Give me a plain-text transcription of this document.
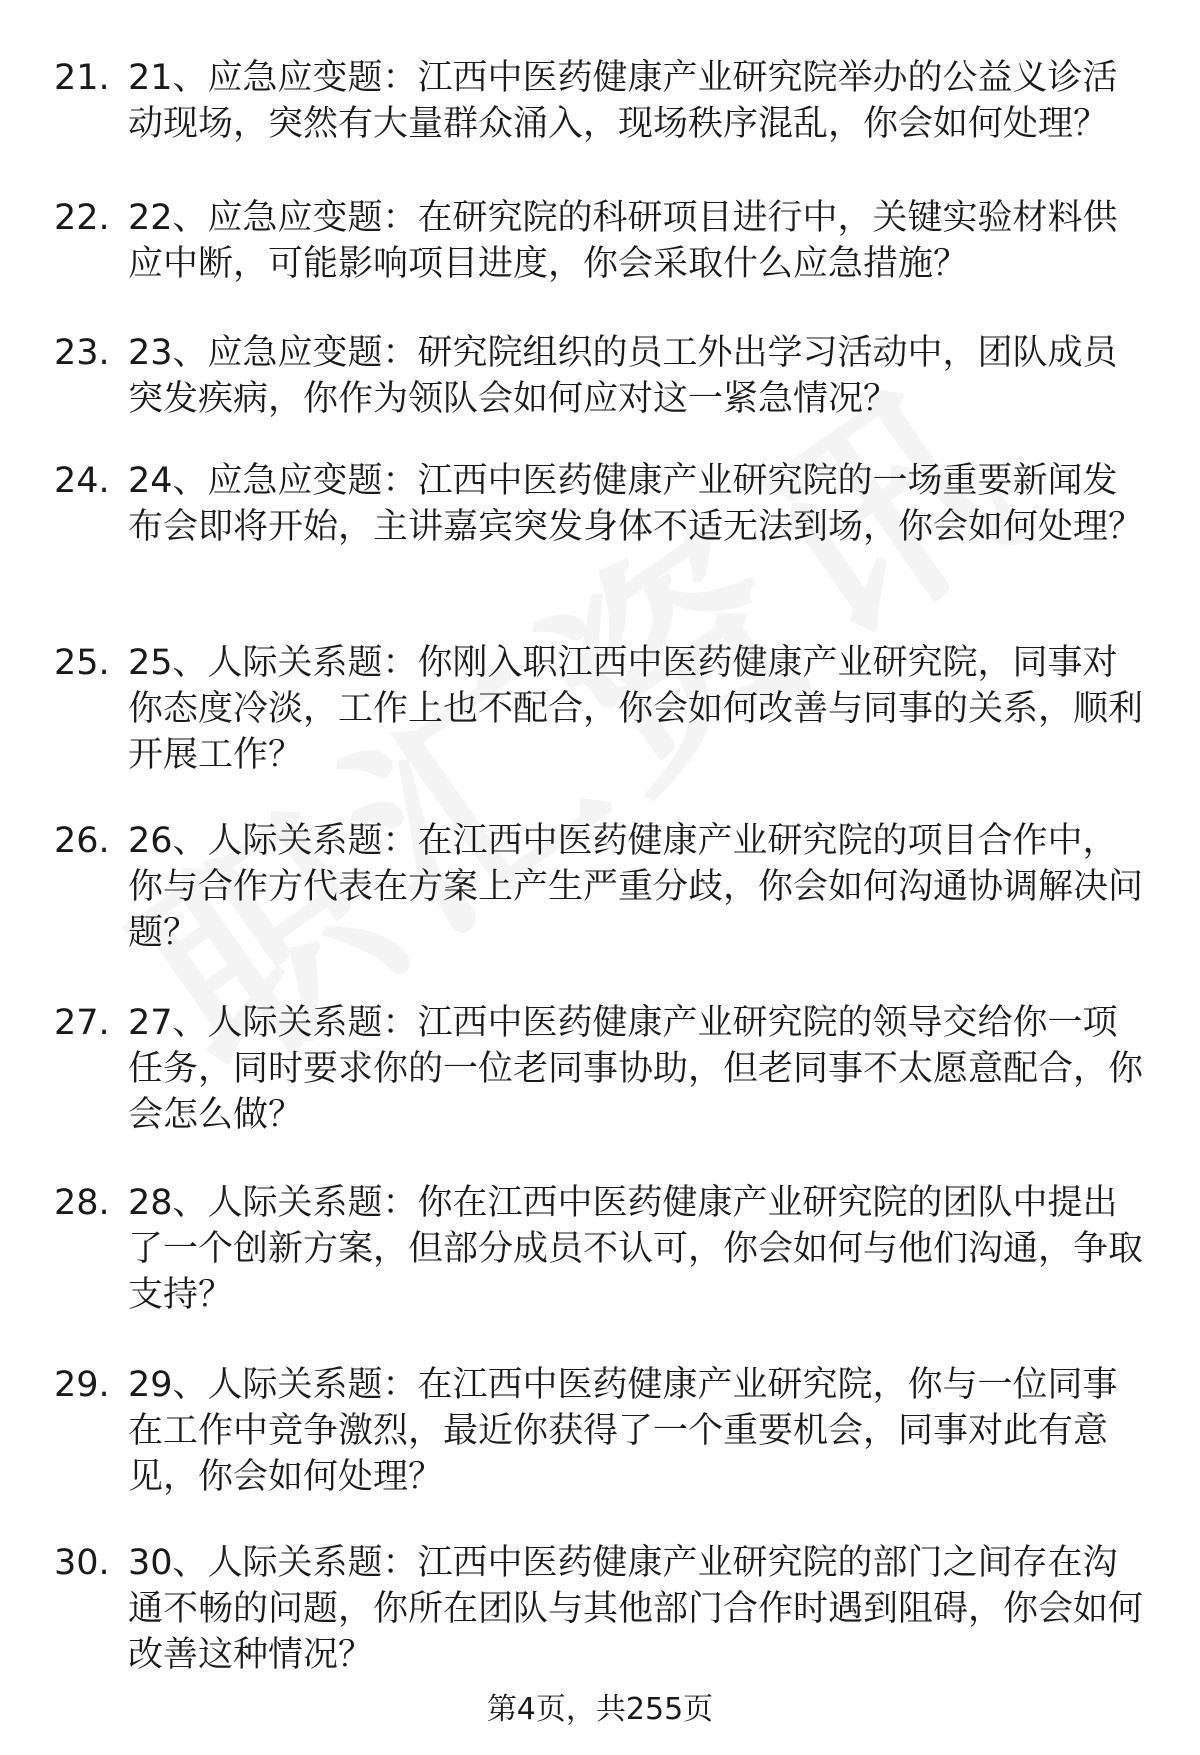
21. 21、应急应变题：江西中医药健康产业研究院举办的公益义诊活动现场，突然有大量群众涌入，现场秩序混乱，你会如何处理？
22. 22、应急应变题：在研究院的科研项目进行中，关键实验材料供应中断，可能影响项目进度，你会采取什么应急措施？
23. 23、应急应变题：研究院组织的员工外出学习活动中，团队成员突发疾病，你作为领队会如何应对这一紧急情况？
24. 24、应急应变题：江西中医药健康产业研究院的一场重要新闻发布会即将开始，主讲嘉宾突发身体不适无法到场，你会如何处理？
25. 25、人际关系题：你刚入职江西中医药健康产业研究院，同事对你态度冷淡，工作上也不配合，你会如何改善与同事的关系，顺利开展工作？
26. 26、人际关系题：在江西中医药健康产业研究院的项目合作中，你与合作方代表在方案上产生严重分歧，你会如何沟通协调解决问题？
27. 27、人际关系题：江西中医药健康产业研究院的领导交给你一项任务，同时要求你的一位老同事协助，但老同事不太愿意配合，你会怎么做？
28. 28、人际关系题：你在江西中医药健康产业研究院的团队中提出了一个创新方案，但部分成员不认可，你会如何与他们沟通，争取支持？
29. 29、人际关系题：在江西中医药健康产业研究院，你与一位同事在工作中竞争激烈，最近你获得了一个重要机会，同事对此有意见，你会如何处理？
30. 30、人际关系题：江西中医药健康产业研究院的部门之间存在沟通不畅的问题，你所在团队与其他部门合作时遇到阻碍，你会如何改善这种情况？
第4页，共255页
